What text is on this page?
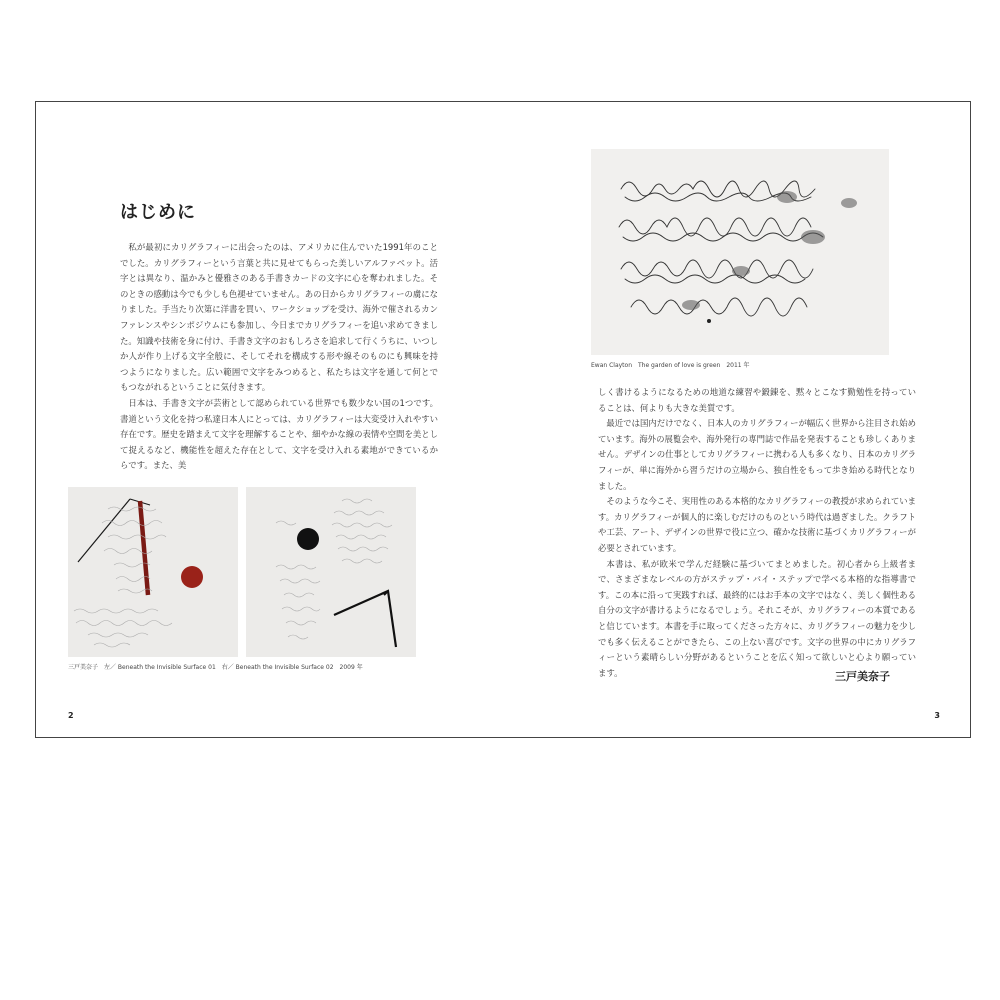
はじめに

私が最初にカリグラフィーに出会ったのは、アメリカに住んでいた1991年のことでした。カリグラフィーという言葉と共に見せてもらった美しいアルファベット。活字とは異なり、温かみと優雅さのある手書きカードの文字に心を奪われました。そのときの感動は今でも少しも色褪せていません。あの日からカリグラフィーの虜になりました。手当たり次第に洋書を買い、ワークショップを受け、海外で催されるカンファレンスやシンポジウムにも参加し、今日までカリグラフィーを追い求めてきました。知識や技術を身に付け、手書き文字のおもしろさを追求して行くうちに、いつしか人が作り上げる文字全般に、そしてそれを構成する形や線そのものにも興味を持つようになりました。広い範囲で文字をみつめると、私たちは文字を通して何とでもつながれるということに気付きます。

日本は、手書き文字が芸術として認められている世界でも数少ない国の1つです。書道という文化を持つ私達日本人にとっては、カリグラフィーは大変受け入れやすい存在です。歴史を踏まえて文字を理解することや、細やかな線の表情や空間を美として捉えるなど、機能性を超えた存在として、文字を受け入れる素地ができているからです。また、美

三戸美奈子　左／ Beneath the Invisible Surface 01　右／ Beneath the Invisible Surface 02　2009 年
2
Ewan Clayton　The garden of love is green　2011 年

しく書けるようになるための地道な練習や鍛錬を、黙々とこなす勤勉性を持っていることは、何よりも大きな美質です。

最近では国内だけでなく、日本人のカリグラフィーが幅広く世界から注目され始めています。海外の展覧会や、海外発行の専門誌で作品を発表することも珍しくありません。デザインの仕事としてカリグラフィーに携わる人も多くなり、日本のカリグラフィーが、単に海外から習うだけの立場から、独自性をもって歩き始める時代となりました。

そのような今こそ、実用性のある本格的なカリグラフィーの教授が求められています。カリグラフィーが個人的に楽しむだけのものという時代は過ぎました。クラフトや工芸、アート、デザインの世界で役に立つ、確かな技術に基づくカリグラフィーが必要とされています。

本書は、私が欧米で学んだ経験に基づいてまとめました。初心者から上級者まで、さまざまなレベルの方がステップ・バイ・ステップで学べる本格的な指導書です。この本に沿って実践すれば、最終的にはお手本の文字ではなく、美しく個性ある自分の文字が書けるようになるでしょう。それこそが、カリグラフィーの本質であると信じています。本書を手に取ってくださった方々に、カリグラフィーの魅力を少しでも多く伝えることができたら、この上ない喜びです。文字の世界の中にカリグラフィーという素晴らしい分野があるということを広く知って欲しいと心より願っています。	三戸美奈子
3
